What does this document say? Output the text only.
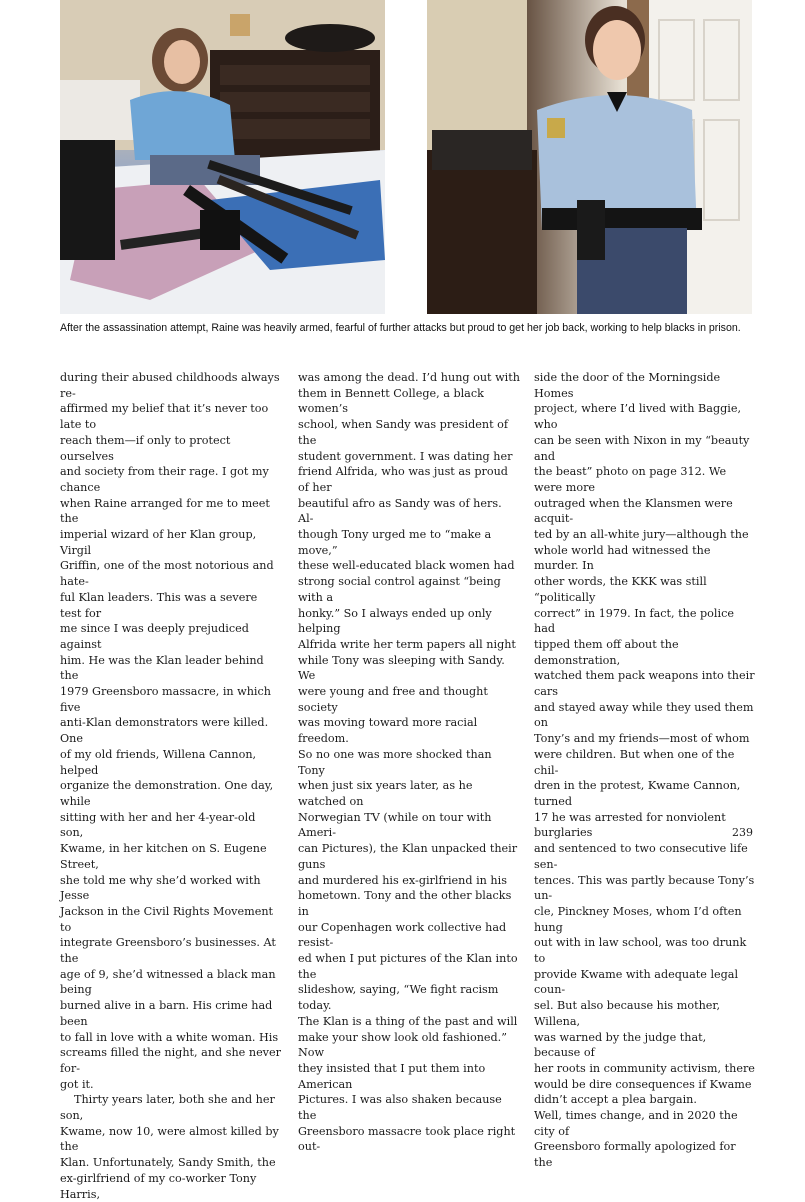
After the assassination attempt, Raine was heavily armed, fearful of further attacks but proud to get her job back, working to help blacks in prison.

during their abused childhoods always re-
affirmed my belief that it’s never too late to
reach them—if only to protect ourselves
and society from their rage. I got my chance
when Raine arranged for me to meet the
imperial wizard of her Klan group, Virgil
Griffin, one of the most notorious and hate-
ful Klan leaders. This was a severe test for
me since I was deeply prejudiced against
him. He was the Klan leader behind the
1979 Greensboro massacre, in which five
anti-Klan demonstrators were killed. One
of my old friends, Willena Cannon, helped
organize the demonstration. One day, while
sitting with her and her 4-year-old son,
Kwame, in her kitchen on S. Eugene Street,
she told me why she’d worked with Jesse
Jackson in the Civil Rights Movement to
integrate Greensboro’s businesses. At the
age of 9, she’d witnessed a black man being
burned alive in a barn. His crime had been
to fall in love with a white woman. His
screams filled the night, and she never for-
got it.

Thirty years later, both she and her son,
Kwame, now 10, were almost killed by the
Klan. Unfortunately, Sandy Smith, the
ex-girlfriend of my co-worker Tony Harris,

was among the dead. I’d hung out with
them in Bennett College, a black women’s
school, when Sandy was president of the
student government. I was dating her
friend Alfrida, who was just as proud of her
beautiful afro as Sandy was of hers. Al-
though Tony urged me to “make a move,”
these well-educated black women had
strong social control against “being with a
honky.” So I always ended up only helping
Alfrida write her term papers all night
while Tony was sleeping with Sandy. We
were young and free and thought society
was moving toward more racial freedom.
So no one was more shocked than Tony
when just six years later, as he watched on
Norwegian TV (while on tour with Ameri-
can Pictures), the Klan unpacked their guns
and murdered his ex-girlfriend in his
hometown. Tony and the other blacks in
our Copenhagen work collective had resist-
ed when I put pictures of the Klan into the
slideshow, saying, “We fight racism today.
The Klan is a thing of the past and will
make your show look old fashioned.” Now
they insisted that I put them into American
Pictures. I was also shaken because the
Greensboro massacre took place right out-

side the door of the Morningside Homes
project, where I’d lived with Baggie, who
can be seen with Nixon in my “beauty and
the beast” photo on page 312. We were more
outraged when the Klansmen were acquit-
ted by an all-white jury—although the
whole world had witnessed the murder. In
other words, the KKK was still “politically
correct” in 1979. In fact, the police had
tipped them off about the demonstration,
watched them pack weapons into their cars
and stayed away while they used them on
Tony’s and my friends—most of whom
were children. But when one of the chil-
dren in the protest, Kwame Cannon, turned
17 he was arrested for nonviolent burglaries
and sentenced to two consecutive life sen-
tences. This was partly because Tony’s un-
cle, Pinckney Moses, whom I’d often hung
out with in law school, was too drunk to
provide Kwame with adequate legal coun-
sel. But also because his mother, Willena,
was warned by the judge that, because of
her roots in community activism, there
would be dire consequences if Kwame
didn’t accept a plea bargain.

Well, times change, and in 2020 the city of
Greensboro formally apologized for the

239
